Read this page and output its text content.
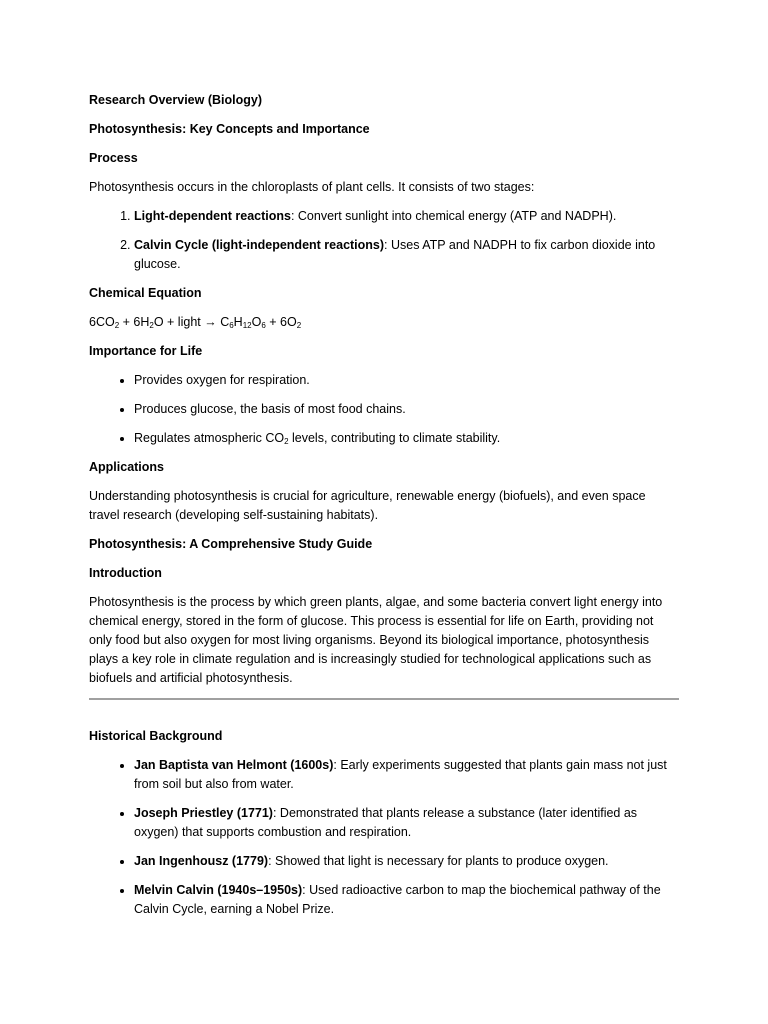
Research Overview (Biology)

Photosynthesis: Key Concepts and Importance

Process

Photosynthesis occurs in the chloroplasts of plant cells. It consists of two stages:

1. Light-dependent reactions: Convert sunlight into chemical energy (ATP and NADPH).
2. Calvin Cycle (light-independent reactions): Uses ATP and NADPH to fix carbon dioxide into glucose.

Chemical Equation

$6CO_2 + 6H_2O$ + light → $C_6H_{12}O_6 + 6O_2$

Importance for Life

• Provides oxygen for respiration.
• Produces glucose, the basis of most food chains.
• Regulates atmospheric $CO_2$ levels, contributing to climate stability.

Applications

Understanding photosynthesis is crucial for agriculture, renewable energy (biofuels), and even space travel research (developing self-sustaining habitats).

Photosynthesis: A Comprehensive Study Guide

Introduction

Photosynthesis is the process by which green plants, algae, and some bacteria convert light energy into chemical energy, stored in the form of glucose. This process is essential for life on Earth, providing not only food but also oxygen for most living organisms. Beyond its biological importance, photosynthesis plays a key role in climate regulation and is increasingly studied for technological applications such as biofuels and artificial photosynthesis.

Historical Background

• Jan Baptista van Helmont (1600s): Early experiments suggested that plants gain mass not just from soil but also from water.
• Joseph Priestley (1771): Demonstrated that plants release a substance (later identified as oxygen) that supports combustion and respiration.
• Jan Ingenhousz (1779): Showed that light is necessary for plants to produce oxygen.
• Melvin Calvin (1940s–1950s): Used radioactive carbon to map the biochemical pathway of the Calvin Cycle, earning a Nobel Prize.
